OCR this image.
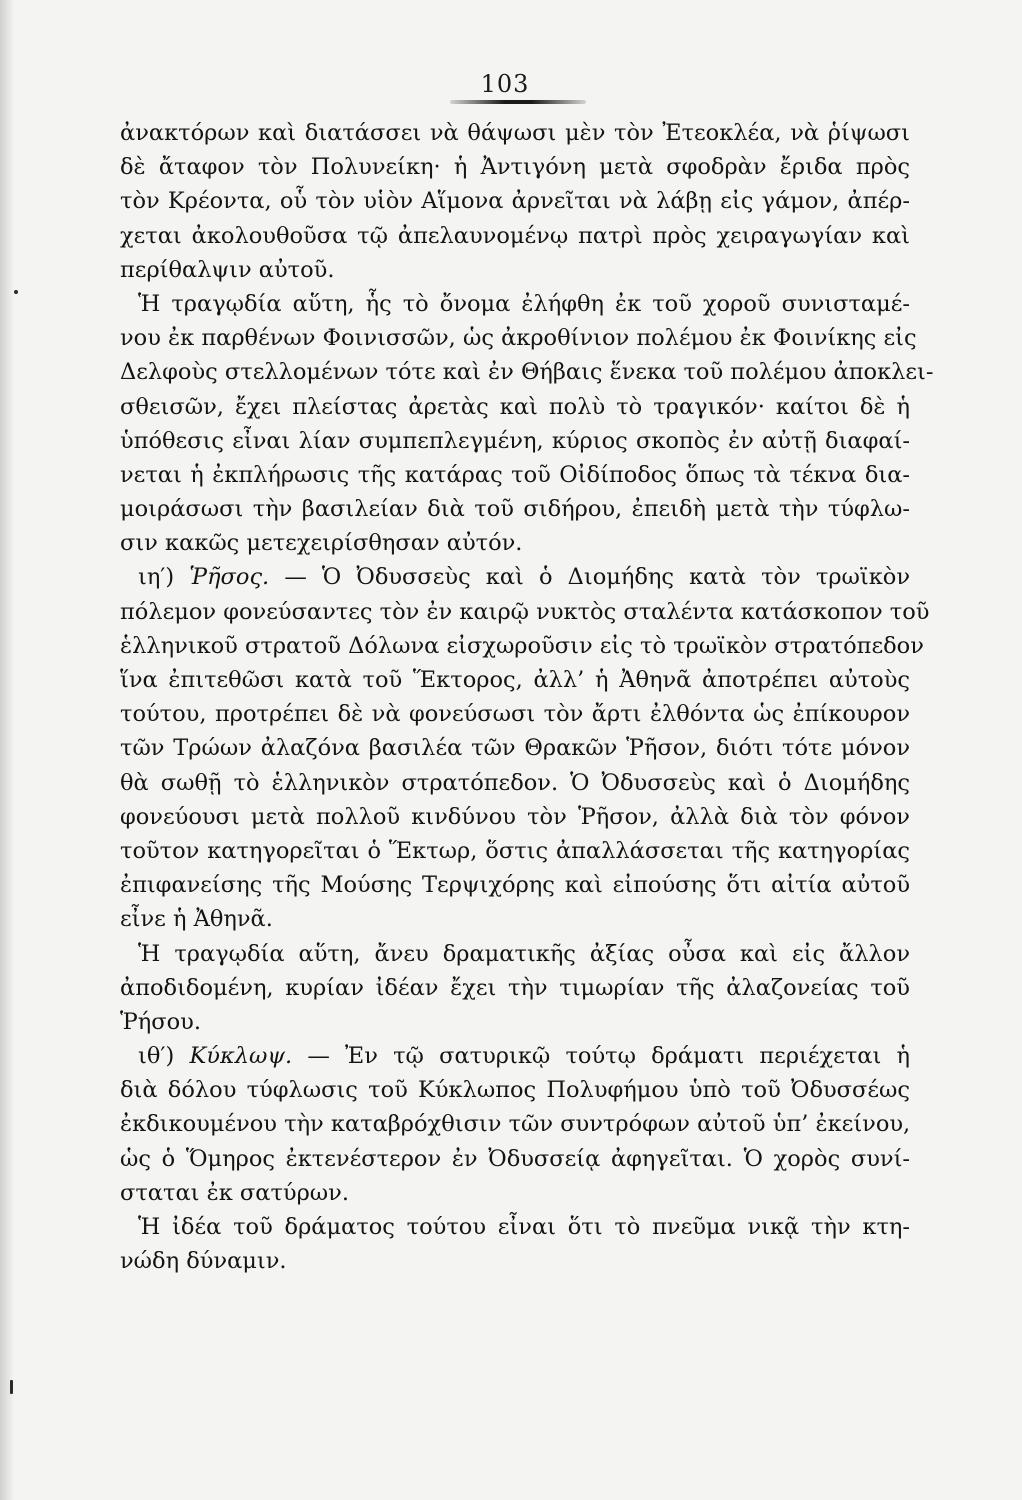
103
ἀνακτόρων καὶ διατάσσει νὰ θάψωσι μὲν τὸν Ἐτεοκλέα, νὰ ῥίψωσι
δὲ ἄταφον τὸν Πολυνείκη· ἡ Ἀντιγόνη μετὰ σφοδρὰν ἔριδα πρὸς
τὸν Κρέοντα, οὗ τὸν υἱὸν Αἵμονα ἀρνεῖται νὰ λάβῃ εἰς γάμον, ἀπέρ-
χεται ἀκολουθοῦσα τῷ ἀπελαυνομένῳ πατρὶ πρὸς χειραγωγίαν καὶ
περίθαλψιν αὐτοῦ.
Ἡ τραγῳδία αὕτη, ἧς τὸ ὄνομα ἐλήφθη ἐκ τοῦ χοροῦ συνισταμέ-
νου ἐκ παρθένων Φοινισσῶν, ὡς ἀκροθίνιον πολέμου ἐκ Φοινίκης εἰς
Δελφοὺς στελλομένων τότε καὶ ἐν Θήβαις ἕνεκα τοῦ πολέμου ἀποκλει-
σθεισῶν, ἔχει πλείστας ἀρετὰς καὶ πολὺ τὸ τραγικόν· καίτοι δὲ ἡ
ὑπόθεσις εἶναι λίαν συμπεπλεγμένη, κύριος σκοπὸς ἐν αὐτῇ διαφαί-
νεται ἡ ἐκπλήρωσις τῆς κατάρας τοῦ Οἰδίποδος ὅπως τὰ τέκνα δια-
μοιράσωσι τὴν βασιλείαν διὰ τοῦ σιδήρου, ἐπειδὴ μετὰ τὴν τύφλω-
σιν κακῶς μετεχειρίσθησαν αὐτόν.
ιη′) Ῥῆσος. — Ὁ Ὀδυσσεὺς καὶ ὁ Διομήδης κατὰ τὸν τρωϊκὸν
πόλεμον φονεύσαντες τὸν ἐν καιρῷ νυκτὸς σταλέντα κατάσκοπον τοῦ
ἑλληνικοῦ στρατοῦ Δόλωνα εἰσχωροῦσιν εἰς τὸ τρωϊκὸν στρατόπεδον
ἵνα ἐπιτεθῶσι κατὰ τοῦ Ἕκτορος, ἀλλ’ ἡ Ἀθηνᾶ ἀποτρέπει αὐτοὺς
τούτου, προτρέπει δὲ νὰ φονεύσωσι τὸν ἄρτι ἐλθόντα ὡς ἐπίκουρον
τῶν Τρώων ἀλαζόνα βασιλέα τῶν Θρακῶν Ῥῆσον, διότι τότε μόνον
θὰ σωθῇ τὸ ἑλληνικὸν στρατόπεδον. Ὁ Ὀδυσσεὺς καὶ ὁ Διομήδης
φονεύουσι μετὰ πολλοῦ κινδύνου τὸν Ῥῆσον, ἀλλὰ διὰ τὸν φόνον
τοῦτον κατηγορεῖται ὁ Ἕκτωρ, ὅστις ἀπαλλάσσεται τῆς κατηγορίας
ἐπιφανείσης τῆς Μούσης Τερψιχόρης καὶ εἰπούσης ὅτι αἰτία αὐτοῦ
εἶνε ἡ Ἀθηνᾶ.
Ἡ τραγῳδία αὕτη, ἄνευ δραματικῆς ἀξίας οὖσα καὶ εἰς ἄλλον
ἀποδιδομένη, κυρίαν ἰδέαν ἔχει τὴν τιμωρίαν τῆς ἀλαζονείας τοῦ
Ῥήσου.
ιθ′) Κύκλωψ. — Ἐν τῷ σατυρικῷ τούτῳ δράματι περιέχεται ἡ
διὰ δόλου τύφλωσις τοῦ Κύκλωπος Πολυφήμου ὑπὸ τοῦ Ὀδυσσέως
ἐκδικουμένου τὴν καταβρόχθισιν τῶν συντρόφων αὐτοῦ ὑπ’ ἐκείνου,
ὡς ὁ Ὅμηρος ἐκτενέστερον ἐν Ὀδυσσείᾳ ἀφηγεῖται. Ὁ χορὸς συνί-
σταται ἐκ σατύρων.
Ἡ ἰδέα τοῦ δράματος τούτου εἶναι ὅτι τὸ πνεῦμα νικᾷ τὴν κτη-
νώδη δύναμιν.
